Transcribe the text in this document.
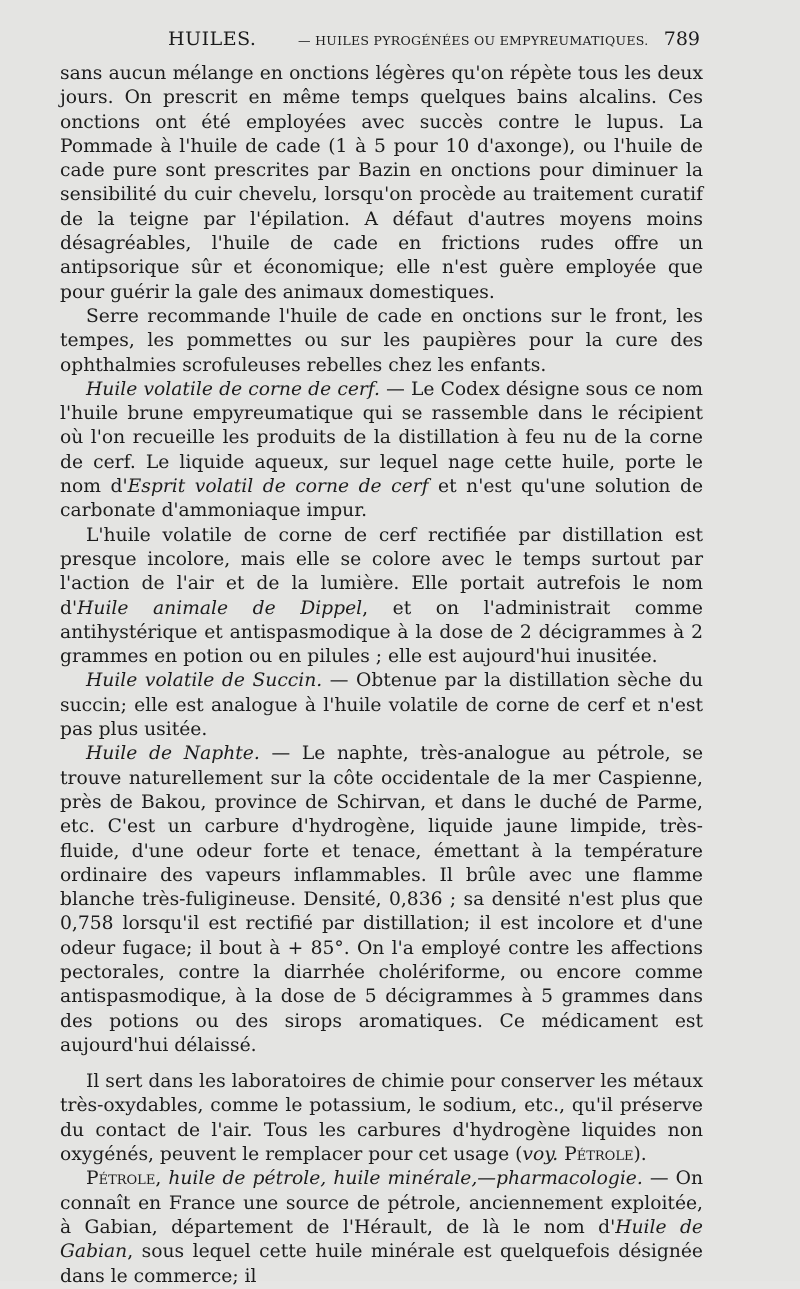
HUILES.	— HUILES PYROGÉNÉES OU EMPYREUMATIQUES. 789

sans aucun mélange en onctions légères qu'on répète tous les deux jours. On prescrit en même temps quelques bains alcalins. Ces onctions ont été employées avec succès contre le lupus. La Pommade à l'huile de cade (1 à 5 pour 10 d'axonge), ou l'huile de cade pure sont prescrites par Bazin en onctions pour diminuer la sensibilité du cuir chevelu, lorsqu'on procède au traitement curatif de la teigne par l'épilation. A défaut d'autres moyens moins désagréables, l'huile de cade en frictions rudes offre un antipsorique sûr et économique; elle n'est guère employée que pour guérir la gale des animaux domestiques.

Serre recommande l'huile de cade en onctions sur le front, les tempes, les pommettes ou sur les paupières pour la cure des ophthalmies scrofuleuses rebelles chez les enfants.

Huile volatile de corne de cerf. — Le Codex désigne sous ce nom l'huile brune empyreumatique qui se rassemble dans le récipient où l'on recueille les produits de la distillation à feu nu de la corne de cerf. Le liquide aqueux, sur lequel nage cette huile, porte le nom d'Esprit volatil de corne de cerf et n'est qu'une solution de carbonate d'ammoniaque impur.

L'huile volatile de corne de cerf rectifiée par distillation est presque incolore, mais elle se colore avec le temps surtout par l'action de l'air et de la lumière. Elle portait autrefois le nom d'Huile animale de Dippel, et on l'administrait comme antihystérique et antispasmodique à la dose de 2 décigrammes à 2 grammes en potion ou en pilules ; elle est aujourd'hui inusitée.

Huile volatile de Succin. — Obtenue par la distillation sèche du succin; elle est analogue à l'huile volatile de corne de cerf et n'est pas plus usitée.

Huile de Naphte. — Le naphte, très-analogue au pétrole, se trouve naturellement sur la côte occidentale de la mer Caspienne, près de Bakou, province de Schirvan, et dans le duché de Parme, etc. C'est un carbure d'hydrogène, liquide jaune limpide, très-fluide, d'une odeur forte et tenace, émettant à la température ordinaire des vapeurs inflammables. Il brûle avec une flamme blanche très-fuligineuse. Densité, 0,836 ; sa densité n'est plus que 0,758 lorsqu'il est rectifié par distillation; il est incolore et d'une odeur fugace; il bout à + 85°. On l'a employé contre les affections pectorales, contre la diarrhée cholériforme, ou encore comme antispasmodique, à la dose de 5 décigrammes à 5 grammes dans des potions ou des sirops aromatiques. Ce médicament est aujourd'hui délaissé.

Il sert dans les laboratoires de chimie pour conserver les métaux très-oxydables, comme le potassium, le sodium, etc., qu'il préserve du contact de l'air. Tous les carbures d'hydrogène liquides non oxygénés, peuvent le remplacer pour cet usage (voy. Pétrole).

Pétrole, huile de pétrole, huile minérale,—pharmacologie. — On connaît en France une source de pétrole, anciennement exploitée, à Gabian, département de l'Hérault, de là le nom d'Huile de Gabian, sous lequel cette huile minérale est quelquefois désignée dans le commerce; il
